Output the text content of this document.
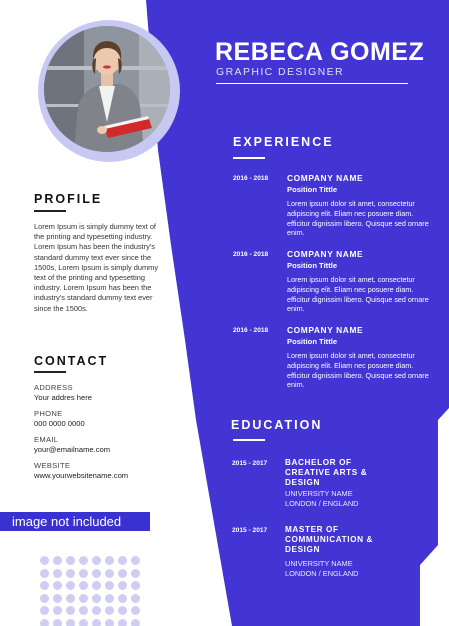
REBECA GOMEZ
GRAPHIC DESIGNER
PROFILE
Lorem Ipsum is simply dummy text of the printing and typesetting industry. Lorem Ipsum has been the industry's standard dummy text ever since the 1500s, Lorem Ipsum is simply dummy text of the printing and typesetting industry. Lorem Ipsum has been the industry's standard dummy text ever since the 1500s.
CONTACT
ADDRESS
Your addres here
PHONE
000 0000 0000
EMAIL
your@emailname.com
WEBSITE
www.yourwebsitename.com
image not included
EXPERIENCE
2016 - 2018 COMPANY NAME
Position Tittle
Lorem ipsum dolor sit amet, consectetur adipiscing elit. Eliam nec posuere diam. efficitur dignissim libero. Quisque sed ornare enim.
2016 - 2018 COMPANY NAME
Position Tittle
Lorem ipsum dolor sit amet, consectetur adipiscing elit. Eliam nec posuere diam. efficitur dignissim libero. Quisque sed ornare enim.
2016 - 2018 COMPANY NAME
Position Tittle
Lorem ipsum dolor sit amet, consectetur adipiscing elit. Eliam nec posuere diam. efficitur dignissim libero. Quisque sed ornare enim.
EDUCATION
2015 - 2017 BACHELOR OF CREATIVE ARTS & DESIGN
UNIVERSITY NAME
LONDON / ENGLAND
2015 - 2017 MASTER OF COMMUNICATION & DESIGN
UNIVERSITY NAME
LONDON / ENGLAND
